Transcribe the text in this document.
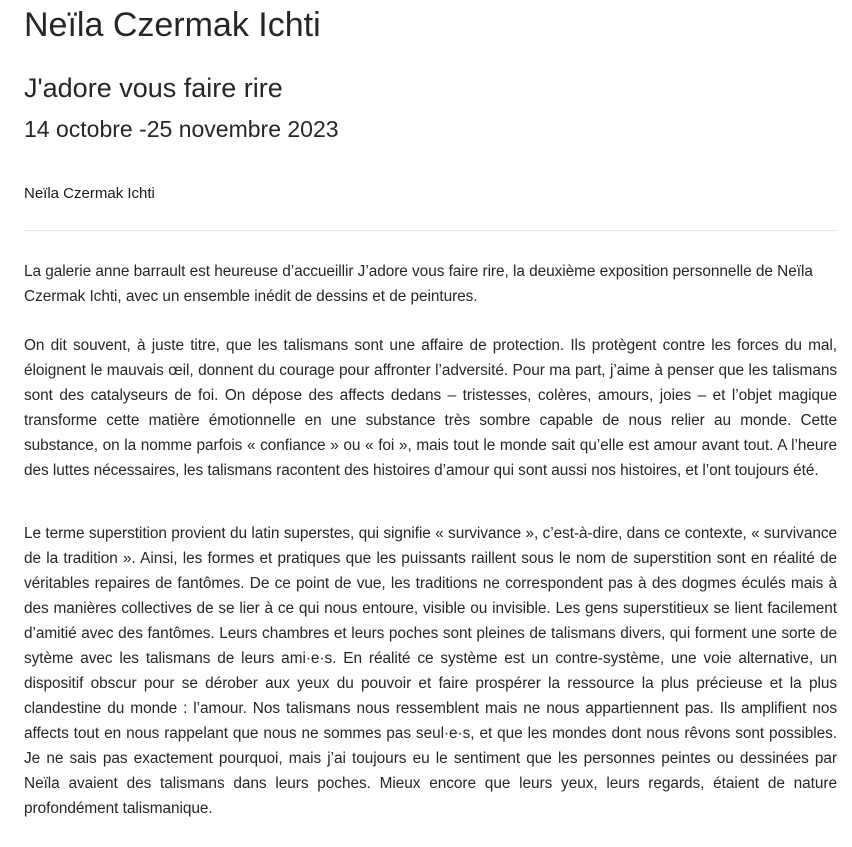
Neïla Czermak Ichti
J'adore vous faire rire
14 octobre -25 novembre 2023
Neïla Czermak Ichti

La galerie anne barrault est heureuse d’accueillir J’adore vous faire rire, la deuxième exposition personnelle de Neïla Czermak Ichti, avec un ensemble inédit de dessins et de peintures.

On dit souvent, à juste titre, que les talismans sont une affaire de protection. Ils protègent contre les forces du mal, éloignent le mauvais œil, donnent du courage pour affronter l’adversité. Pour ma part, j’aime à penser que les talismans sont des catalyseurs de foi. On dépose des affects dedans – tristesses, colères, amours, joies – et l’objet magique transforme cette matière émotionnelle en une substance très sombre capable de nous relier au monde. Cette substance, on la nomme parfois « confiance » ou « foi », mais tout le monde sait qu’elle est amour avant tout. A l’heure des luttes nécessaires, les talismans racontent des histoires d’amour qui sont aussi nos histoires, et l’ont toujours été.

Le terme superstition provient du latin superstes, qui signifie « survivance », c’est-à-dire, dans ce contexte, « survivance de la tradition ». Ainsi, les formes et pratiques que les puissants raillent sous le nom de superstition sont en réalité de véritables repaires de fantômes. De ce point de vue, les traditions ne correspondent pas à des dogmes éculés mais à des manières collectives de se lier à ce qui nous entoure, visible ou invisible. Les gens superstitieux se lient facilement d’amitié avec des fantômes. Leurs chambres et leurs poches sont pleines de talismans divers, qui forment une sorte de sytème avec les talismans de leurs ami·e·s. En réalité ce système est un contre-système, une voie alternative, un dispositif obscur pour se dérober aux yeux du pouvoir et faire prospérer la ressource la plus précieuse et la plus clandestine du monde : l’amour. Nos talismans nous ressemblent mais ne nous appartiennent pas. Ils amplifient nos affects tout en nous rappelant que nous ne sommes pas seul·e·s, et que les mondes dont nous rêvons sont possibles. Je ne sais pas exactement pourquoi, mais j’ai toujours eu le sentiment que les personnes peintes ou dessinées par Neïla avaient des talismans dans leurs poches. Mieux encore que leurs yeux, leurs regards, étaient de nature profondément talismanique.
